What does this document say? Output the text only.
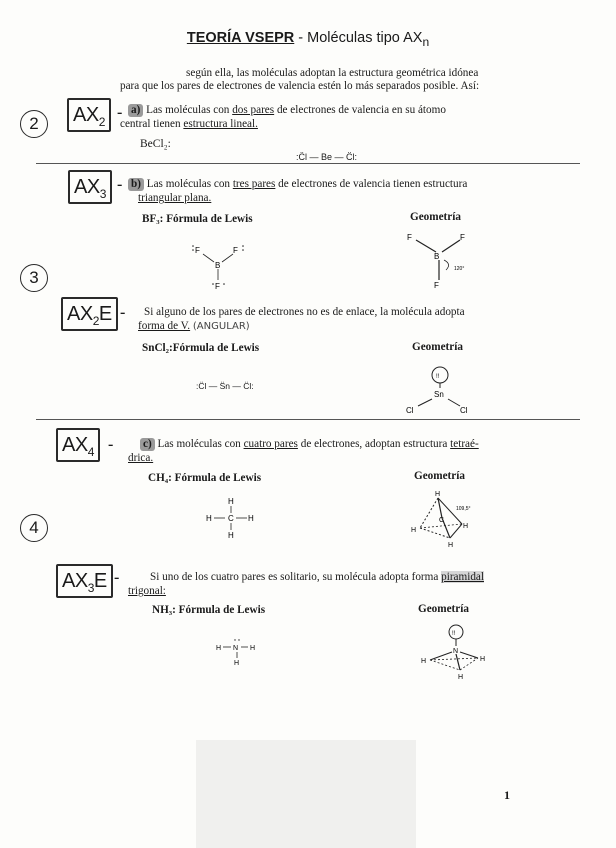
TEORÍA VSEPR - Moléculas tipo $AX_n$
según ella, las moléculas adoptan la estructura geométrica idónea
para que los pares de electrones de valencia estén lo más separados posible. Así:
2	$AX_2$
- a) Las moléculas con dos pares de electrones de valencia en su átomo
central tienen estructura lineal.
BeCl₂:
:C̈l — Be — C̈l:
$AX_3$
- b) Las moléculas con tres pares de electrones de valencia tienen estructura
triangular plana.
BF₃: Fórmula de Lewis	Geometría
F	F
B
F
F	F
B
F
120°
3
$AX_2E$ - Si alguno de los pares de electrones no es de enlace, la molécula adopta
forma de V. (ANGULAR)
SnCl₂:Fórmula de Lewis	Geometría
:C̈l — S̈n — C̈l:
!!
Sn
Cl	Cl
$AX_4$ -	c) Las moléculas con cuatro pares de electrones, adoptan estructura tetraé-
drica.
CH₄: Fórmula de Lewis	Geometría
H
H C H
H
H
C
H
H
H
109,5°
4
$AX_3E$ -	Si uno de los cuatro pares es solitario, su molécula adopta forma piramidal
trigonal:
NH₃: Fórmula de Lewis	Geometría
H N H
H
!!
N
H	H
H
1
